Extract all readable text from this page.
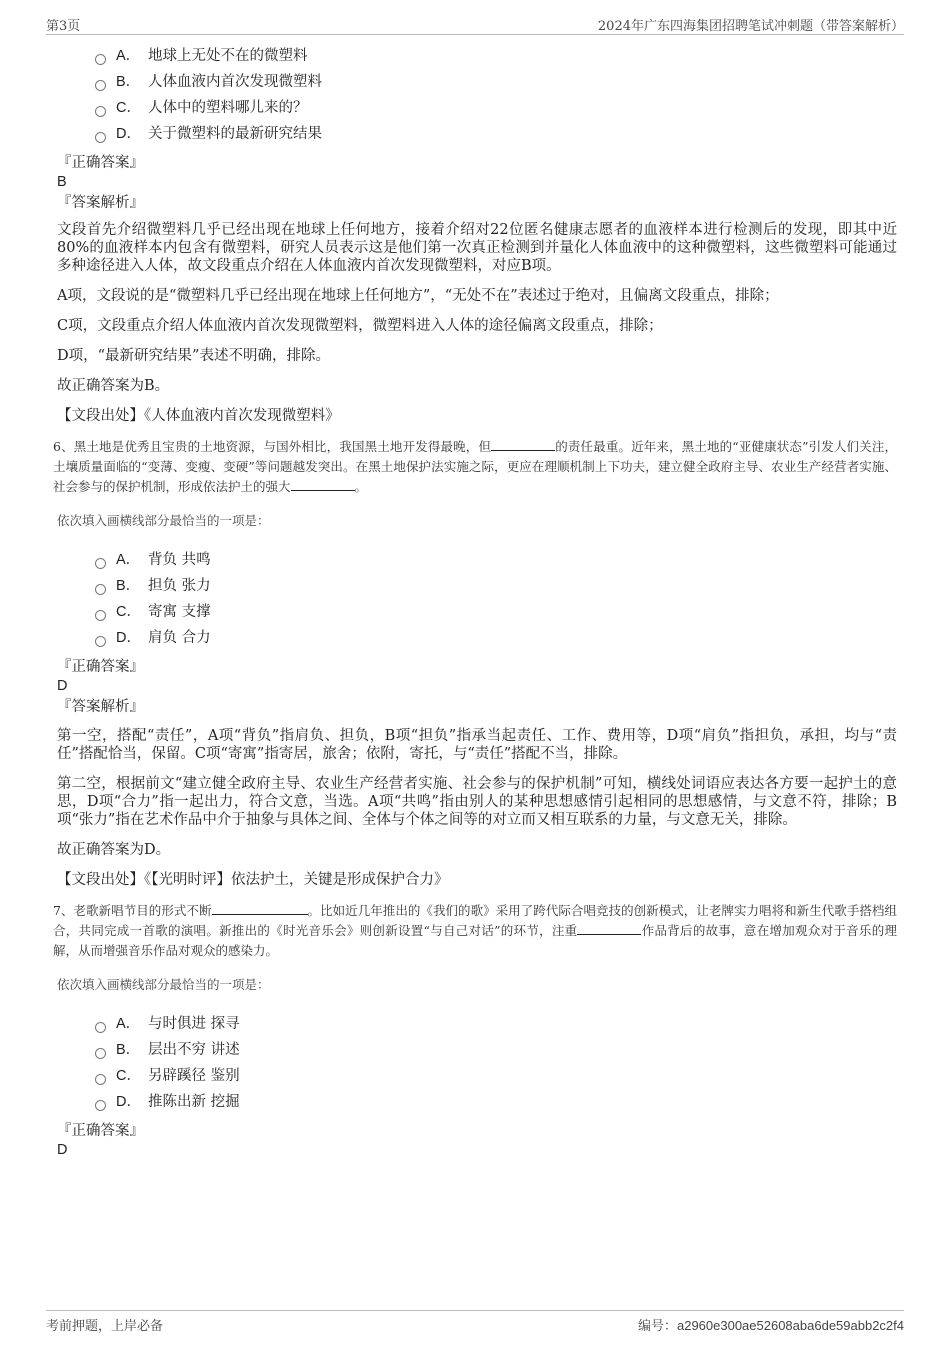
第3页	2024年广东四海集团招聘笔试冲刺题（带答案解析）
A． 地球上无处不在的微塑料
B． 人体血液内首次发现微塑料
C． 人体中的塑料哪儿来的？
D． 关于微塑料的最新研究结果

『正确答案』

B

『答案解析』

文段首先介绍微塑料几乎已经出现在地球上任何地方，接着介绍对22位匿名健康志愿者的血液样本进行检测后的发现，即其中近80%的血液样本内包含有微塑料，研究人员表示这是他们第一次真正检测到并量化人体血液中的这种微塑料，这些微塑料可能通过多种途径进入人体，故文段重点介绍在人体血液内首次发现微塑料，对应B项。

A项，文段说的是“微塑料几乎已经出现在地球上任何地方”，“无处不在”表述过于绝对，且偏离文段重点，排除；

C项，文段重点介绍人体血液内首次发现微塑料，微塑料进入人体的途径偏离文段重点，排除；

D项，“最新研究结果”表述不明确，排除。

故正确答案为B。

【文段出处】《人体血液内首次发现微塑料》

6、黑土地是优秀且宝贵的土地资源，与国外相比，我国黑土地开发得最晚，但	的责任最重。近年来，黑土地的“亚健康状态”引发人们关注，土壤质量面临的“变薄、变瘦、变硬”等问题越发突出。在黑土地保护法实施之际，更应在理顺机制上下功夫，建立健全政府主导、农业生产经营者实施、社会参与的保护机制，形成依法护土的强大	。

依次填入画横线部分最恰当的一项是：

A． 背负 共鸣
B． 担负 张力
C． 寄寓 支撑
D． 肩负 合力

『正确答案』

D

『答案解析』

第一空，搭配“责任”，A项“背负”指肩负、担负，B项“担负”指承当起责任、工作、费用等，D项“肩负”指担负，承担，均与“责任”搭配恰当，保留。C项“寄寓”指寄居，旅舍；依附，寄托，与“责任”搭配不当，排除。

第二空，根据前文“建立健全政府主导、农业生产经营者实施、社会参与的保护机制”可知，横线处词语应表达各方要一起护土的意思，D项“合力”指一起出力，符合文意，当选。A项“共鸣”指由别人的某种思想感情引起相同的思想感情，与文意不符，排除；B项“张力”指在艺术作品中介于抽象与具体之间、全体与个体之间等的对立而又相互联系的力量，与文意无关，排除。

故正确答案为D。

【文段出处】《【光明时评】依法护土，关键是形成保护合力》

7、老歌新唱节目的形式不断	。比如近几年推出的《我们的歌》采用了跨代际合唱竞技的创新模式，让老牌实力唱将和新生代歌手搭档组合，共同完成一首歌的演唱。新推出的《时光音乐会》则创新设置“与自己对话”的环节，注重	作品背后的故事，意在增加观众对于音乐的理解，从而增强音乐作品对观众的感染力。

依次填入画横线部分最恰当的一项是：

A． 与时俱进 探寻
B． 层出不穷 讲述
C． 另辟蹊径 鉴别
D． 推陈出新 挖掘

『正确答案』

D

考前押题，上岸必备	编号：a2960e300ae52608aba6de59abb2c2f4
